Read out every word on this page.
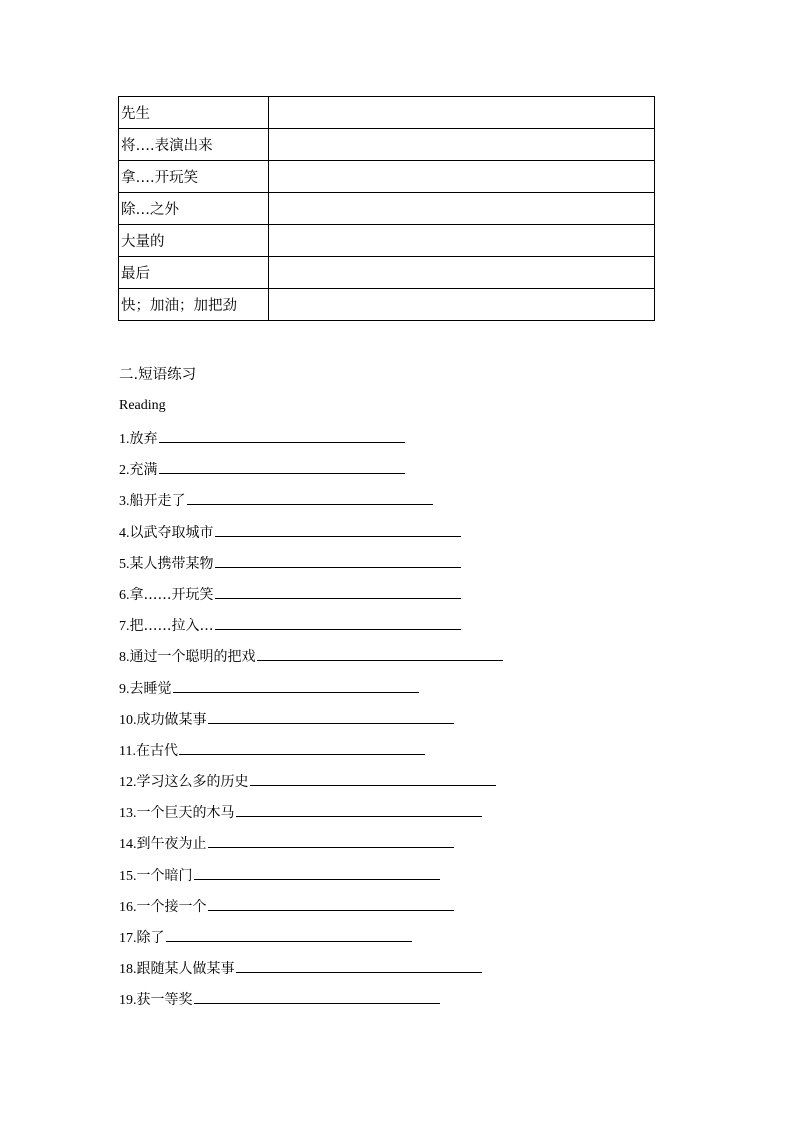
先生	
将….表演出来	
拿….开玩笑	
除…之外	
大量的	
最后	
快；加油；加把劲	
二.短语练习
Reading
1.放弃
2.充满
3.船开走了
4.以武夺取城市
5.某人携带某物
6.拿……开玩笑
7.把……拉入…
8.通过一个聪明的把戏
9.去睡觉
10.成功做某事
11.在古代
12.学习这么多的历史
13.一个巨天的木马
14.到午夜为止
15.一个暗门
16.一个接一个
17.除了
18.跟随某人做某事
19.获一等奖
